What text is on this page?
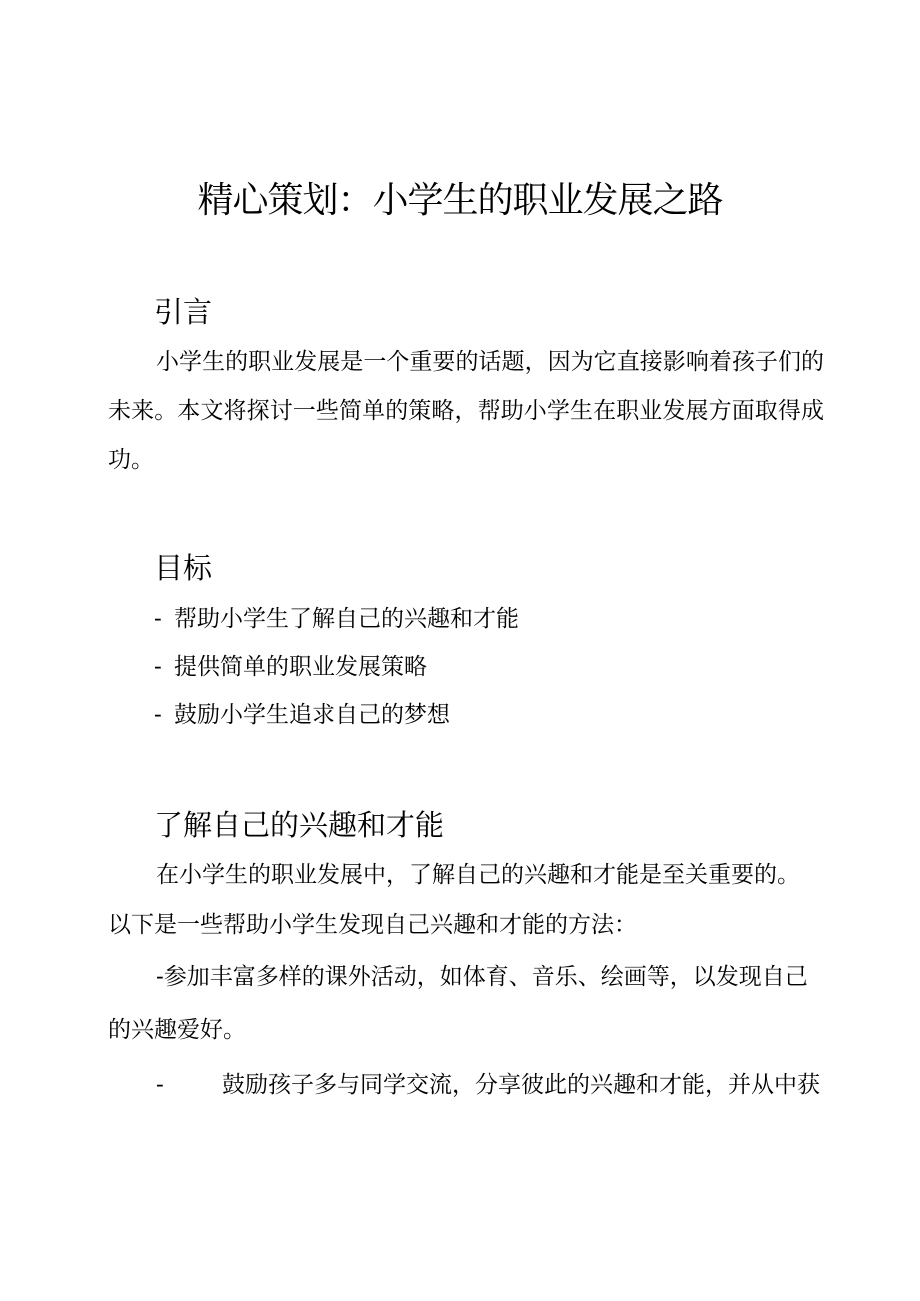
精心策划：小学生的职业发展之路
引言

小学生的职业发展是一个重要的话题，因为它直接影响着孩子们的未来。本文将探讨一些简单的策略，帮助小学生在职业发展方面取得成功。

目标
- 帮助小学生了解自己的兴趣和才能
- 提供简单的职业发展策略
- 鼓励小学生追求自己的梦想
了解自己的兴趣和才能
在小学生的职业发展中，了解自己的兴趣和才能是至关重要的。
以下是一些帮助小学生发现自己兴趣和才能的方法：
-参加丰富多样的课外活动，如体育、音乐、绘画等，以发现自己
的兴趣爱好。
-	鼓励孩子多与同学交流，分享彼此的兴趣和才能，并从中获
